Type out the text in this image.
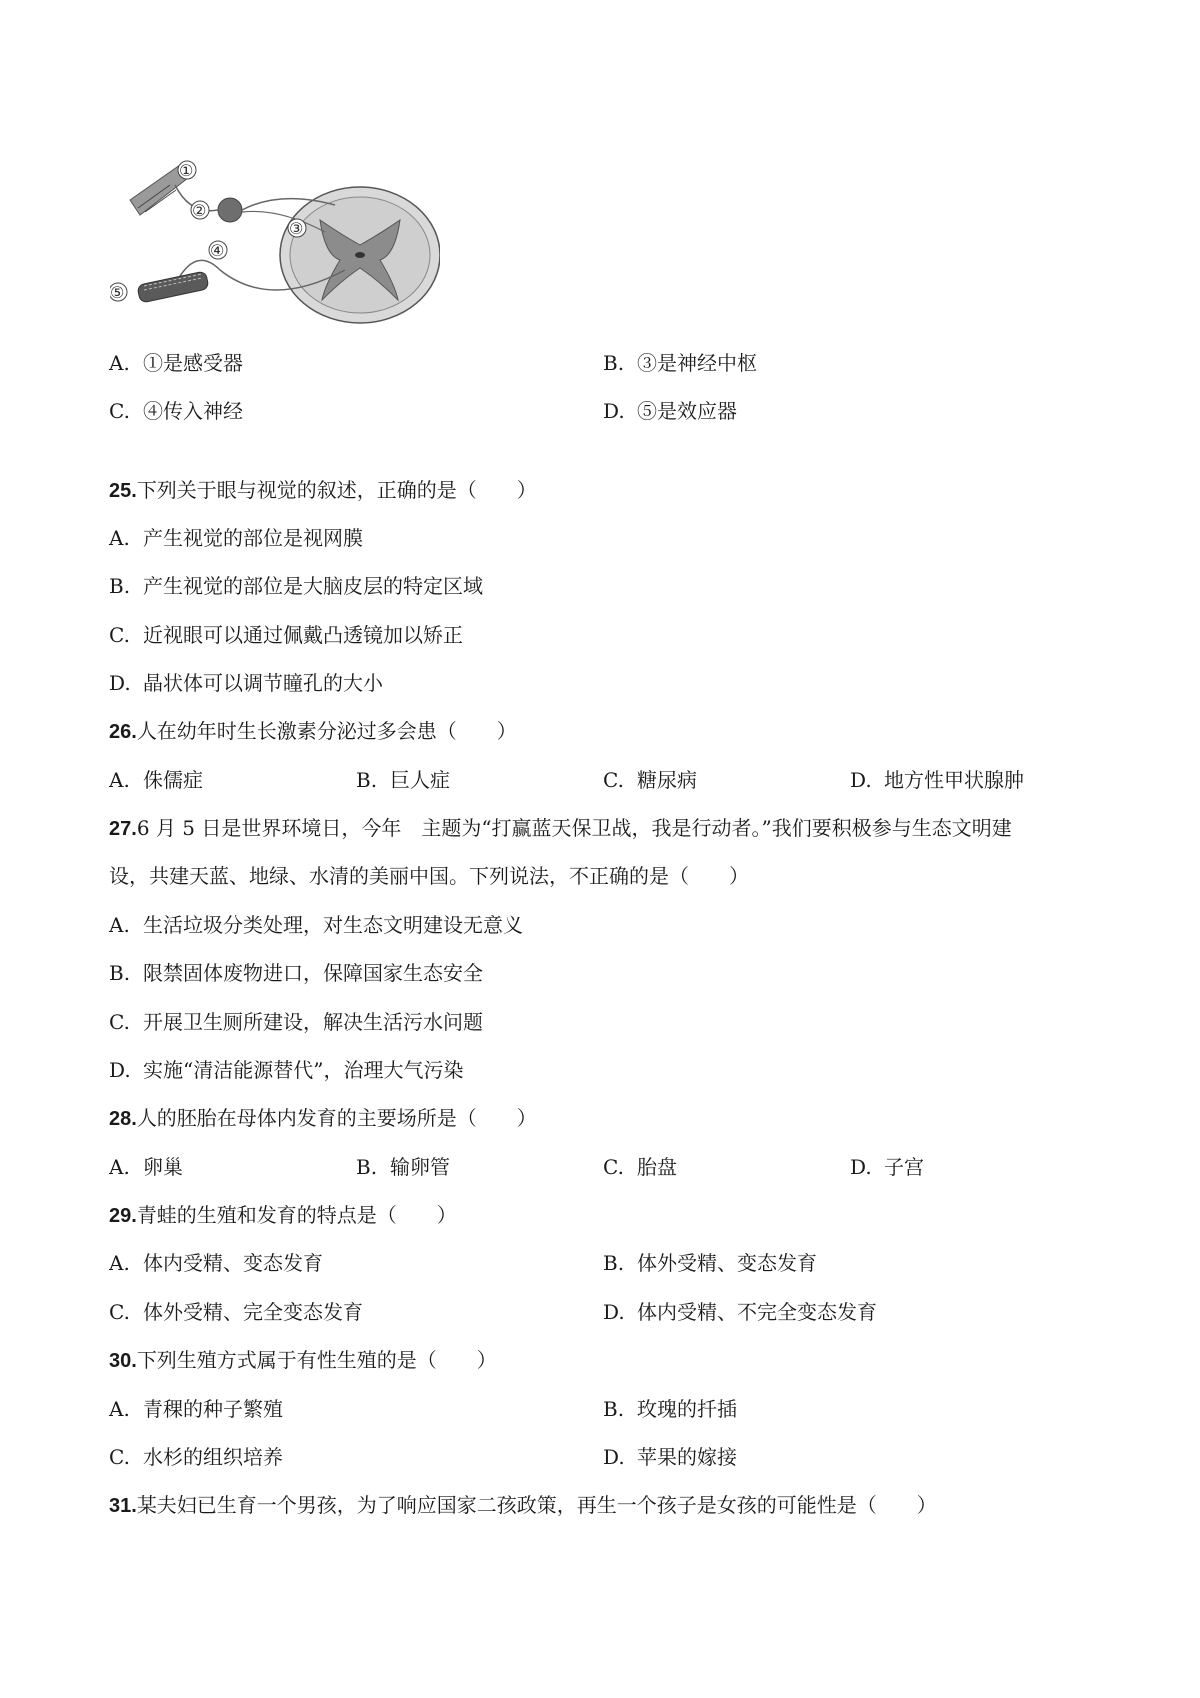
①
②
③
④
⑤
A. ①是感受器	B. ③是神经中枢
C. ④传入神经	D. ⑤是效应器
25.下列关于眼与视觉的叙述，正确的是（　　）
A. 产生视觉的部位是视网膜
B. 产生视觉的部位是大脑皮层的特定区域
C. 近视眼可以通过佩戴凸透镜加以矫正
D. 晶状体可以调节瞳孔的大小
26.人在幼年时生长激素分泌过多会患（　　）
A. 侏儒症	B. 巨人症	C. 糖尿病	D. 地方性甲状腺肿
27.6 月 5 日是世界环境日，今年　主题为“打赢蓝天保卫战，我是行动者。”我们要积极参与生态文明建
设，共建天蓝、地绿、水清的美丽中国。下列说法，不正确的是（　　）
A. 生活垃圾分类处理，对生态文明建设无意义
B. 限禁固体废物进口，保障国家生态安全
C. 开展卫生厕所建设，解决生活污水问题
D. 实施“清洁能源替代”，治理大气污染
28.人的胚胎在母体内发育的主要场所是（　　）
A. 卵巢	B. 输卵管	C. 胎盘	D. 子宫
29.青蛙的生殖和发育的特点是（　　）
A. 体内受精、变态发育	B. 体外受精、变态发育
C. 体外受精、完全变态发育	D. 体内受精、不完全变态发育
30.下列生殖方式属于有性生殖的是（　　）
A. 青稞的种子繁殖	B. 玫瑰的扦插
C. 水杉的组织培养	D. 苹果的嫁接
31.某夫妇已生育一个男孩，为了响应国家二孩政策，再生一个孩子是女孩的可能性是（　　）
